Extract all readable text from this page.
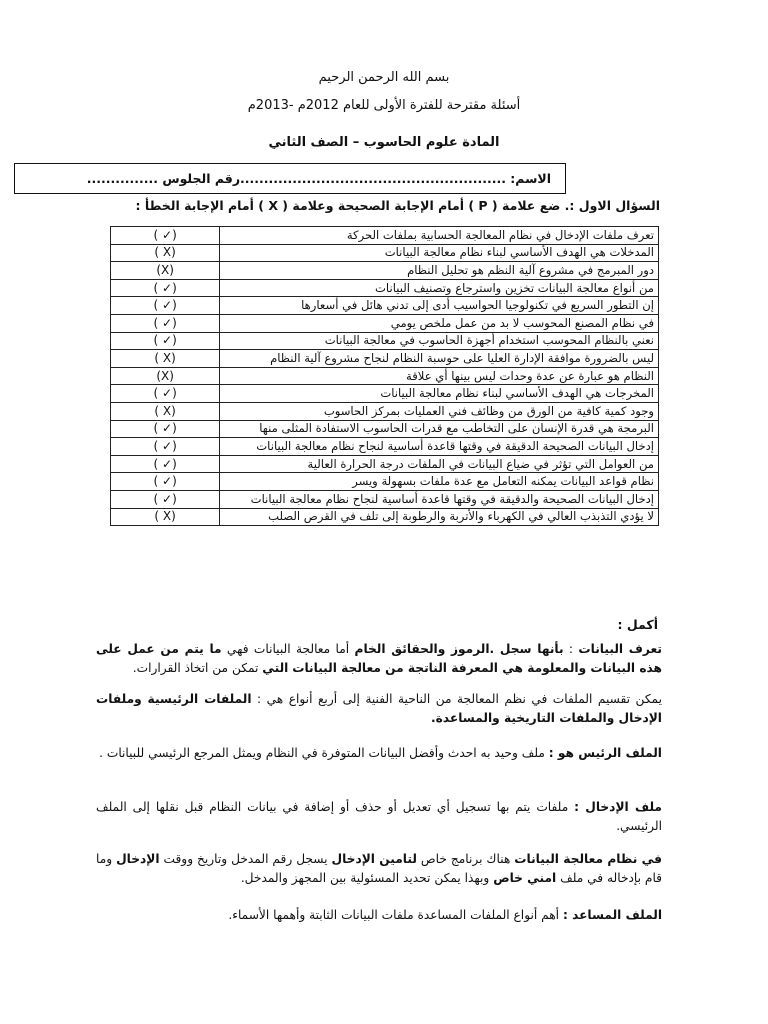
بسم الله الرحمن الرحيم
أسئلة مقترحة للفترة الأولى للعام 2012م -2013م
المادة علوم الحاسوب – الصف الثاني
الاسم: ........................................................رقم الجلوس ...............
السؤال الاول :. ضع علامة ( P ) أمام الإجابة الصحيحة وعلامة ( X ) أمام الإجابة الخطأ :
تعرف ملفات الإدخال في نظام المعالجة الحسابية بملفات الحركة	( ✓)
المدخلات هي الهدف الأساسي لبناء نظام معالجة البيانات	( X)
دور المبرمج في مشروع آلية النظم هو تحليل النظام	(X)
من أنواع معالجة البيانات تخزين واسترجاع وتصنيف البيانات	( ✓)
إن التطور السريع في تكنولوجيا الحواسيب أدى إلى تدني هائل في أسعارها	( ✓)
في نظام المصنع المحوسب لا بد من عمل ملخص يومي	( ✓)
نعني بالنظام المحوسب استخدام أجهزة الحاسوب في معالجة البيانات	( ✓)
ليس بالضرورة موافقة الإدارة العليا على حوسبة النظام لنجاح مشروع آلية النظام	( X)
النظام هو عبارة عن عدة وحدات ليس بينها أي علاقة	(X)
المخرجات هي الهدف الأساسي لبناء نظام معالجة البيانات	( ✓)
وجود كمية كافية من الورق من وظائف فني العمليات بمركز الحاسوب	( X)
البرمجة هي قدرة الإنسان على التخاطب مع قدرات الحاسوب الاستفادة المثلى منها	( ✓)
إدخال البيانات الصحيحة الدقيقة في وقتها قاعدة أساسية لنجاح نظام معالجة البيانات	( ✓)
من العوامل التي تؤثر في ضياع البيانات في الملفات درجة الحرارة العالية	( ✓)
نظام قواعد البيانات يمكنه التعامل مع عدة ملفات بسهولة ويسر	( ✓)
إدخال البيانات الصحيحة والدقيقة في وقتها قاعدة أساسية لنجاح نظام معالجة البيانات	( ✓)
لا يؤدي التذبذب العالي في الكهرباء والأتربة والرطوبة إلى تلف في القرص الصلب	( X)
أكمل :
تعرف البيانات : بأنها سجل .الرموز والحقائق الخام أما معالجة البيانات فهي ما يتم من عمل على هذه البيانات والمعلومة هي المعرفة الناتجة من معالجة البيانات التي تمكن من اتخاذ القرارات.
يمكن تقسيم الملفات في نظم المعالجة من الناحية الفنية إلى أربع أنواع هي : الملفات الرئيسية وملفات الإدخال والملفات التاريخية والمساعدة.
الملف الرئيس هو : ملف وحيد به احدث وأفضل البيانات المتوفرة في النظام ويمثل المرجع الرئيسي للبيانات .
ملف الإدخال : ملفات يتم بها تسجيل أي تعديل أو حذف أو إضافة في بيانات النظام قبل نقلها إلى الملف الرئيسي.
في نظام معالجة البيانات هناك برنامج خاص لتامين الإدخال يسجل رقم المدخل وتاريخ ووقت الإدخال وما قام بإدخاله في ملف امني خاص وبهذا يمكن تحديد المسئولية بين المجهز والمدخل.
الملف المساعد : أهم أنواع الملفات المساعدة ملفات البيانات الثابتة وأهمها الأسماء.
